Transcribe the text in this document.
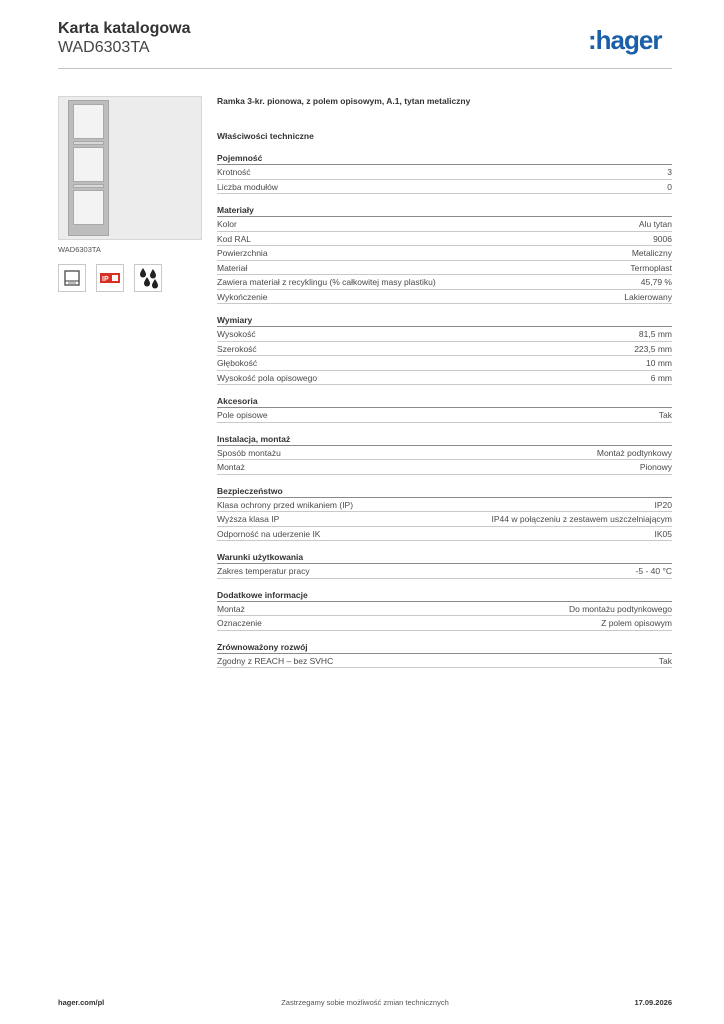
Karta katalogowa
WAD6303TA	:hager
WAD6303TA
IP
Ramka 3-kr. pionowa, z polem opisowym, A.1, tytan metaliczny
Właściwości techniczne
Pojemność
Krotność	3
Liczba modułów	0
Materiały
Kolor	Alu tytan
Kod RAL	9006
Powierzchnia	Metaliczny
Materiał	Termoplast
Zawiera materiał z recyklingu (% całkowitej masy plastiku)	45,79 %
Wykończenie	Lakierowany
Wymiary
Wysokość	81,5 mm
Szerokość	223,5 mm
Głębokość	10 mm
Wysokość pola opisowego	6 mm
Akcesoria
Pole opisowe	Tak
Instalacja, montaż
Sposób montażu	Montaż podtynkowy
Montaż	Pionowy
Bezpieczeństwo
Klasa ochrony przed wnikaniem (IP)	IP20
Wyższa klasa IP	IP44 w połączeniu z zestawem uszczelniającym
Odporność na uderzenie IK	IK05
Warunki użytkowania
Zakres temperatur pracy	-5 - 40 °C
Dodatkowe informacje
Montaż	Do montażu podtynkowego
Oznaczenie	Z polem opisowym
Zrównoważony rozwój
Zgodny z REACH – bez SVHC	Tak
hager.com/pl	Zastrzegamy sobie możliwość zmian technicznych	17.09.2026
